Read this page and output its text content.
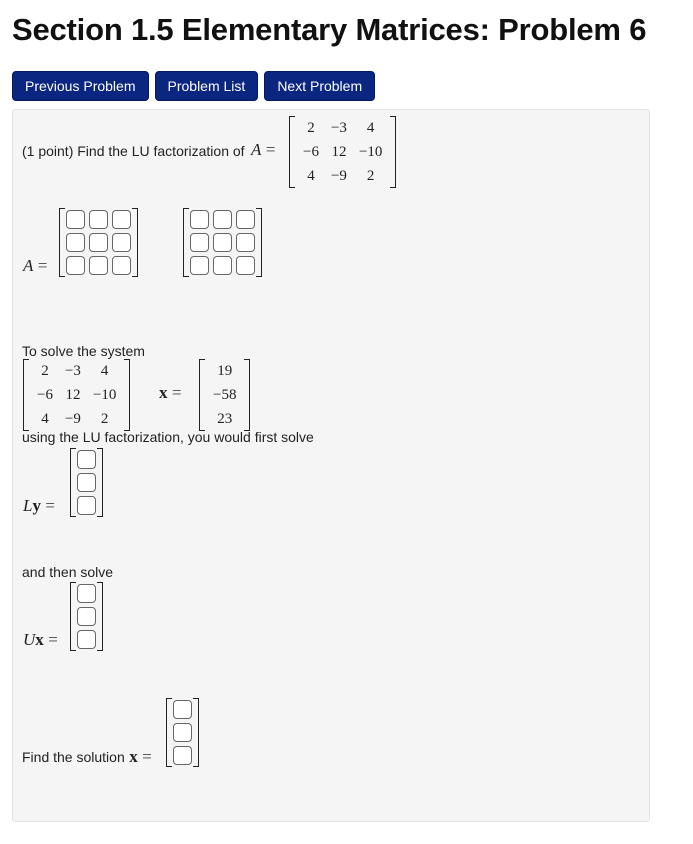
Section 1.5 Elementary Matrices: Problem 6
Previous Problem	Problem List	Next Problem
(1 point) Find the LU factorization of A =
2	−3	4
−6	12	−10
4	−9	2
A =

To solve the system
2	−3	4
−6	12	−10
4	−9	2
x =
19
−58
23
using the LU factorization, you would first solve
Ly =

and then solve
Ux =

Find the solution x =
